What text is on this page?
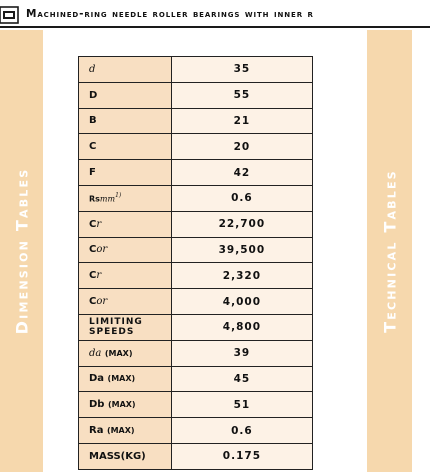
Machined-ring needle roller bearings with inner r
Dimension Tables	Technical Tables
d	35
D	55
B	21
C	20
F	42
Rsmm$^{1)}$	0.6
Cr	22,700
Cor	39,500
Cr	2,320
Cor	4,000
LIMITING
SPEEDS	4,800
da (MAX)	39
Da (MAX)	45
Db (MAX)	51
Ra (MAX)	0.6
MASS(KG)	0.175
